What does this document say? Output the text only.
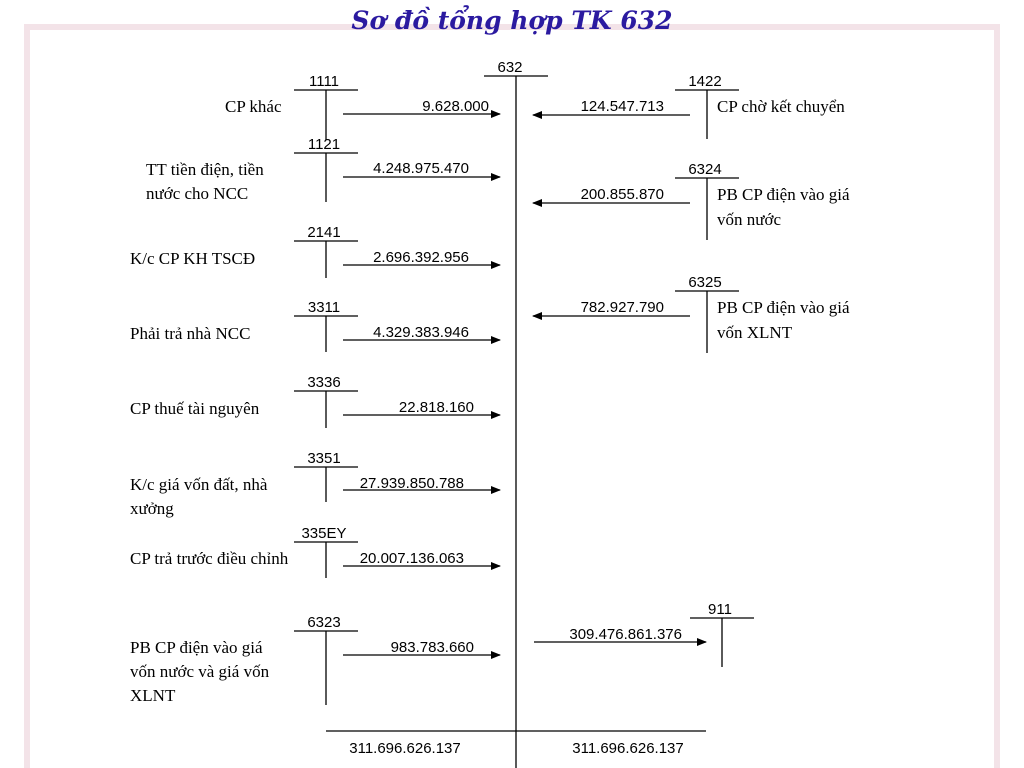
Sơ đồ tổng hợp TK 632
632
1111
9.628.000
CP khác
1121
4.248.975.470
TT tiền điện, tiền
nước cho NCC
2141
2.696.392.956
K/c CP KH TSCĐ
3311
4.329.383.946
Phải trả nhà NCC
3336
22.818.160
CP thuế tài nguyên
3351
27.939.850.788
K/c giá vốn đất, nhà
xưởng
335EY
20.007.136.063
CP trả trước điều chỉnh
6323
983.783.660
PB CP điện vào giá
vốn nước và giá vốn
XLNT
1422
124.547.713	CP chờ kết chuyển
6324
200.855.870	PB CP điện vào giá
vốn nước
6325
782.927.790	PB CP điện vào giá
vốn XLNT
911
309.476.861.376
311.696.626.137	311.696.626.137
